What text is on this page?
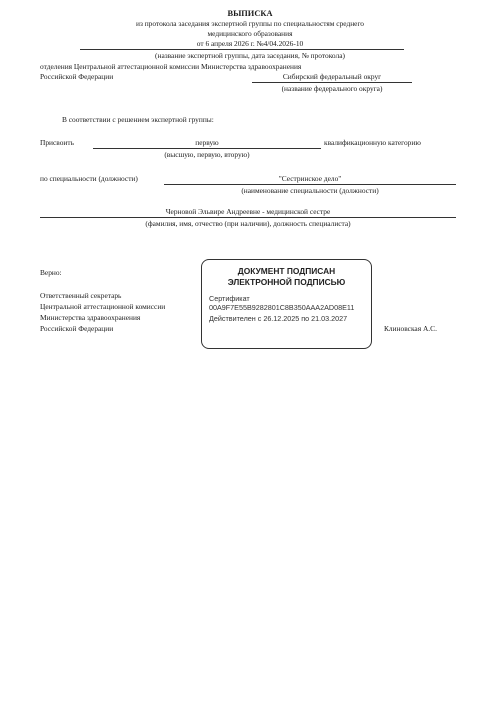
ВЫПИСКА
из протокола заседания экспертной группы по специальностям среднего
медицинского образования
от 6 апреля 2026 г. №4/04.2026-10
(название экспертной группы, дата заседания, № протокола)
отделения Центральной аттестационной комиссии Министерства здравоохранения
Российской Федерации	Сибирский федеральный округ
(название федерального округа)
В соответствии с решением экспертной группы:
Присвоить	первую	квалификационную категорию
(высшую, первую, вторую)
по специальности (должности)	"Сестринское дело"
(наименование специальности (должности)
Черновой Эльвире Андреевне - медицинской сестре
(фамилия, имя, отчество (при наличии), должность специалиста)
Верно:
Ответственный секретарь
Центральной аттестационной комиссии
Министерства здравоохранения
Российской Федерации	Клиновская А.С.
ДОКУМЕНТ ПОДПИСАН
ЭЛЕКТРОННОЙ ПОДПИСЬЮ
Сертификат
00A9F7E55B9282801C8B350AAA2AD08E11
Действителен с 26.12.2025 по 21.03.2027
